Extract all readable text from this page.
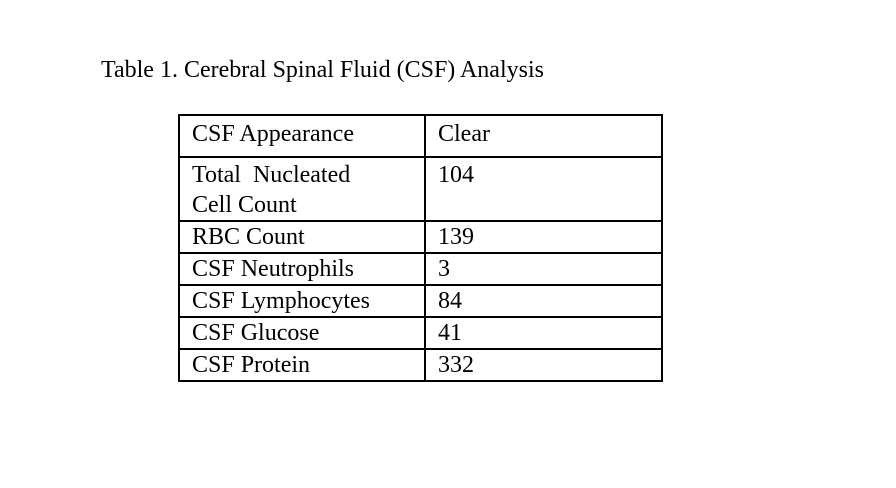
Table 1. Cerebral Spinal Fluid (CSF) Analysis
CSF Appearance	Clear

Total  Nucleated
Cell Count	104
RBC Count	139
CSF Neutrophils	3
CSF Lymphocytes	84
CSF Glucose	41
CSF Protein	332
